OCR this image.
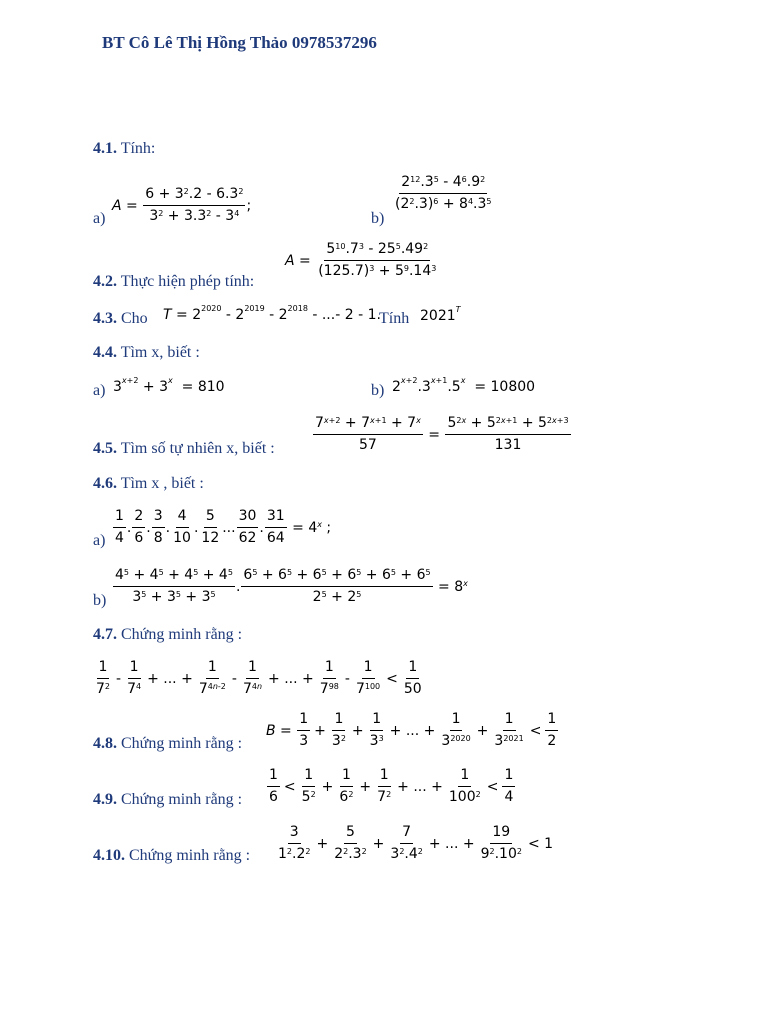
BT Cô Lê Thị Hồng Thảo 0978537296
4.1. Tính:
a)
$A = \frac{6 + 3^2.2 - 6.3^2}{3^2 + 3.3^2 - 3^4}$ ;
b)
$\frac{2^{12}.3^5 - 4^6.9^2}{(2^2.3)^6 + 8^4.3^5}$
4.2. Thực hiện phép tính:
$A = \frac{5^{10}.7^3 - 25^5.49^2}{(125.7)^3 + 5^9.14^3}$
4.3. Cho $T = 2^{2020} - 2^{2019} - 2^{2018}$ - ...- 2 - 1.
Tính $2021^T$
4.4. Tìm x, biết :
a) $3^{x+2} + 3^x = 810$	b) $2^{x+2}.3^{x+1}.5^x = 10800$
4.5. Tìm số tự nhiên x, biết :	$\frac{7^{x+2} + 7^{x+1} + 7^x}{57} = \frac{5^{2x} + 5^{2x+1} + 5^{2x+3}}{131}$
4.6. Tìm x , biết :
$a) \frac{1}{4}$ . $\frac{2}{6}$ . $\frac{3}{8}$ . $\frac{4}{10}$ . $\frac{5}{12}$ ... $\frac{30}{62}$ . $\frac{31}{64} = 4$ $^x$ ;
$b) \frac{4^5 + 4^5 + 4^5 + 4^5}{3^5 + 3^5 + 3^5}$ . $\frac{6^5 + 6^5 + 6^5 + 6^5 + 6^5 + 6^5}{2^5 + 2^5} = 8$ $^x$
4.7. Chứng minh rằng :
$\frac{1}{7^2} - \frac{1}{7^4}$ + ... + $\frac{1}{7^{4n-2}} - \frac{1}{7^{4n}}$ + ... + $\frac{1}{7^{98}} - \frac{1}{7^{100}} < \frac{1}{50}$
4.8. Chứng minh rằng :
$B = \frac{1}{3} + \frac{1}{3^2} + \frac{1}{3^3}$ + ... + $\frac{1}{3^{2020}} + \frac{1}{3^{2021}} < \frac{1}{2}$
4.9. Chứng minh rằng : $\frac{1}{6} < \frac{1}{5^2} + \frac{1}{6^2} + \frac{1}{7^2}$ + ... + $\frac{1}{100^2} < \frac{1}{4}$
4.10. Chứng minh rằng : $\frac{3}{1^2.2^2} + \frac{5}{2^2.3^2} + \frac{7}{3^2.4^2}$ + ... + $\frac{19}{9^2.10^2} < 1$
